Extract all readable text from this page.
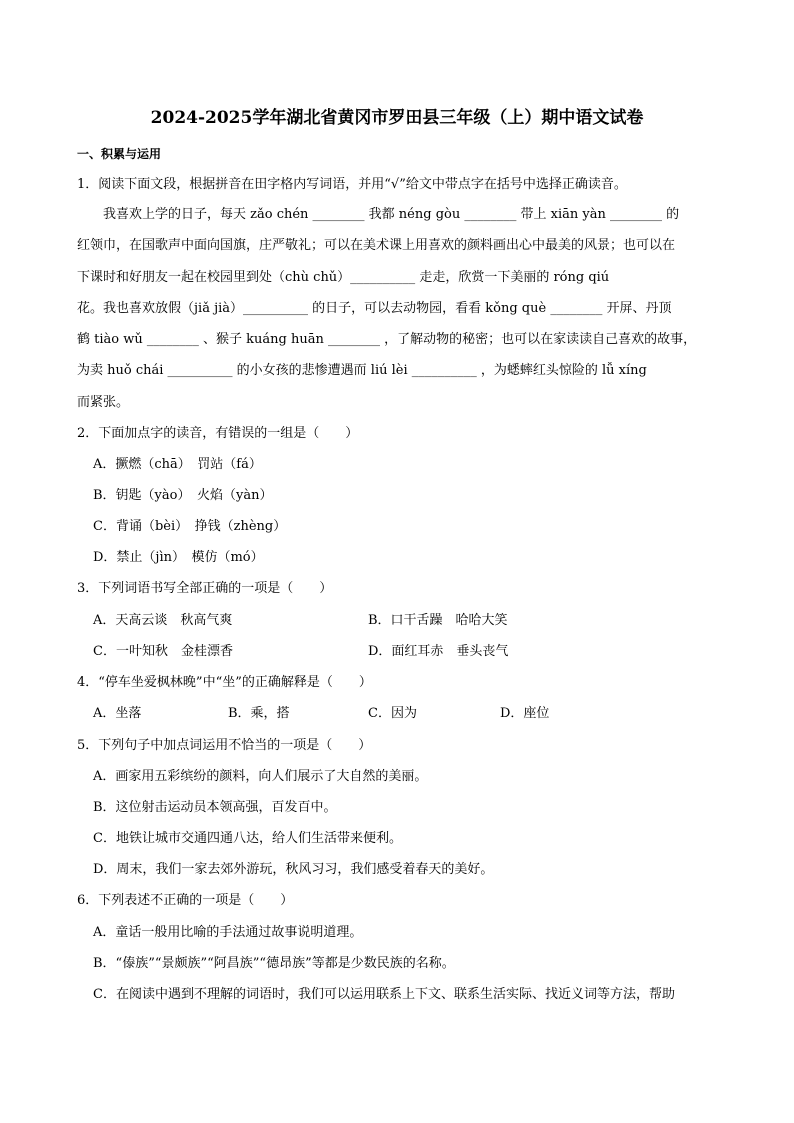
2024-2025学年湖北省黄冈市罗田县三年级（上）期中语文试卷
一、积累与运用
1．阅读下面文段，根据拼音在田字格内写词语，并用“√”给文中带点字在括号中选择正确读音。
我喜欢上学的日子，每天 zǎo chén ________ 我都 néng gòu ________ 带上 xiān yàn ________ 的
红领巾，在国歌声中面向国旗，庄严敬礼；可以在美术课上用喜欢的颜料画出心中最美的风景；也可以在
下课时和好朋友一起在校园里到处（chù chǔ）__________ 走走，欣赏一下美丽的 róng qiú
花。我也喜欢放假（jiǎ jià）__________ 的日子，可以去动物园，看看 kǒng què ________ 开屏、丹顶
鹤 tiào wǔ ________ 、猴子 kuáng huān ________ ，了解动物的秘密；也可以在家读读自己喜欢的故事，
为卖 huǒ chái __________ 的小女孩的悲惨遭遇而 liú lèi __________ ，为蟋蟀红头惊险的 lǚ xíng
而紧张。
2．下面加点字的读音，有错误的一组是（　　）
A．撅燃（chā）　罚站（fá）
B．钥匙（yào）　火焰（yàn）
C．背诵（bèi）　挣钱（zhèng）
D．禁止（jìn）　模仿（mó）
3．下列词语书写全部正确的一项是（　　）
A．天高云谈　秋高气爽	B．口干舌躁　哈哈大笑
C．一叶知秋　金桂漂香	D．面红耳赤　垂头丧气
4．“停车坐爱枫林晚”中“坐”的正确解释是（　　）
A．坐落	B．乘，搭	C．因为	D．座位
5．下列句子中加点词运用不恰当的一项是（　　）
A．画家用五彩缤纷的颜料，向人们展示了大自然的美丽。
B．这位射击运动员本领高强，百发百中。
C．地铁让城市交通四通八达，给人们生活带来便利。
D．周末，我们一家去郊外游玩，秋风习习，我们感受着春天的美好。
6．下列表述不正确的一项是（　　）
A．童话一般用比喻的手法通过故事说明道理。
B．“傣族”“景颇族”“阿昌族”“德昂族”等都是少数民族的名称。
C．在阅读中遇到不理解的词语时，我们可以运用联系上下文、联系生活实际、找近义词等方法，帮助
